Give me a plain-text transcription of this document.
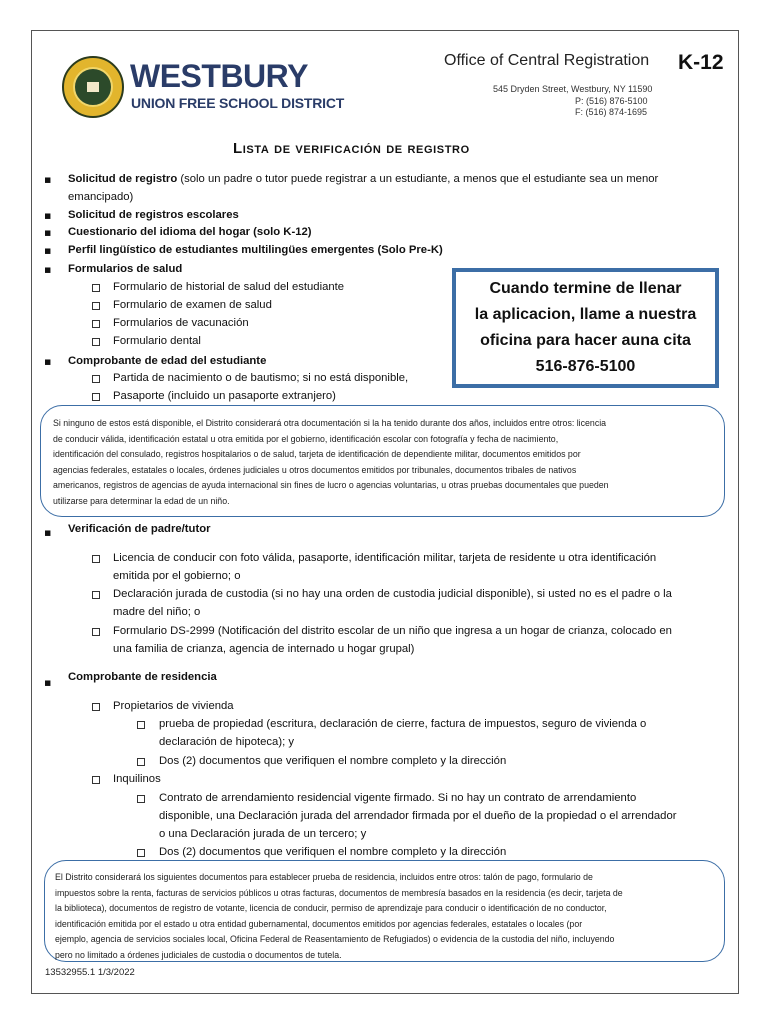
WESTBURY
UNION FREE SCHOOL DISTRICT
Office of Central Registration K-12
545 Dryden Street, Westbury, NY 11590
P: (516) 876-5100
F: (516) 874-1695
Lista de verificación de registro
▪
Solicitud de registro (solo un padre o tutor puede registrar a un estudiante, a menos que el estudiante sea un menor
emancipado)
▪
Solicitud de registros escolares
▪
Cuestionario del idioma del hogar (solo K-12)
▪
Perfil lingüístico de estudiantes multilingües emergentes (Solo Pre-K)
▪
Formularios de salud
Formulario de historial de salud del estudiante
Formulario de examen de salud
Formularios de vacunación
Formulario dental
▪
Comprobante de edad del estudiante
Partida de nacimiento o de bautismo; si no está disponible,
Pasaporte (incluido un pasaporte extranjero)
Cuando termine de llenar
la aplicacion, llame a nuestra
oficina para hacer auna cita
516-876-5100
Si ninguno de estos está disponible, el Distrito considerará otra documentación si la ha tenido durante dos años, incluidos entre otros: licencia
de conducir válida, identificación estatal u otra emitida por el gobierno, identificación escolar con fotografía y fecha de nacimiento,
identificación del consulado, registros hospitalarios o de salud, tarjeta de identificación de dependiente militar, documentos emitidos por
agencias federales, estatales o locales, órdenes judiciales u otros documentos emitidos por tribunales, documentos tribales de nativos
americanos, registros de agencias de ayuda internacional sin fines de lucro o agencias voluntarias, u otras pruebas documentales que pueden
utilizarse para determinar la edad de un niño.
▪
Verificación de padre/tutor
Licencia de conducir con foto válida, pasaporte, identificación militar, tarjeta de residente u otra identificación
emitida por el gobierno; o
Declaración jurada de custodia (si no hay una orden de custodia judicial disponible), si usted no es el padre o la
madre del niño; o
Formulario DS-2999 (Notificación del distrito escolar de un niño que ingresa a un hogar de crianza, colocado en
una familia de crianza, agencia de internado u hogar grupal)
▪
Comprobante de residencia
Propietarios de vivienda
prueba de propiedad (escritura, declaración de cierre, factura de impuestos, seguro de vivienda o
declaración de hipoteca); y
Dos (2) documentos que verifiquen el nombre completo y la dirección
Inquilinos
Contrato de arrendamiento residencial vigente firmado. Si no hay un contrato de arrendamiento
disponible, una Declaración jurada del arrendador firmada por el dueño de la propiedad o el arrendador
o una Declaración jurada de un tercero; y
Dos (2) documentos que verifiquen el nombre completo y la dirección
El Distrito considerará los siguientes documentos para establecer prueba de residencia, incluidos entre otros: talón de pago, formulario de
impuestos sobre la renta, facturas de servicios públicos u otras facturas, documentos de membresía basados en la residencia (es decir, tarjeta de
la biblioteca), documentos de registro de votante, licencia de conducir, permiso de aprendizaje para conducir o identificación de no conductor,
identificación emitida por el estado u otra entidad gubernamental, documentos emitidos por agencias federales, estatales o locales (por
ejemplo, agencia de servicios sociales local, Oficina Federal de Reasentamiento de Refugiados) o evidencia de la custodia del niño, incluyendo
pero no limitado a órdenes judiciales de custodia o documentos de tutela.
13532955.1 1/3/2022
